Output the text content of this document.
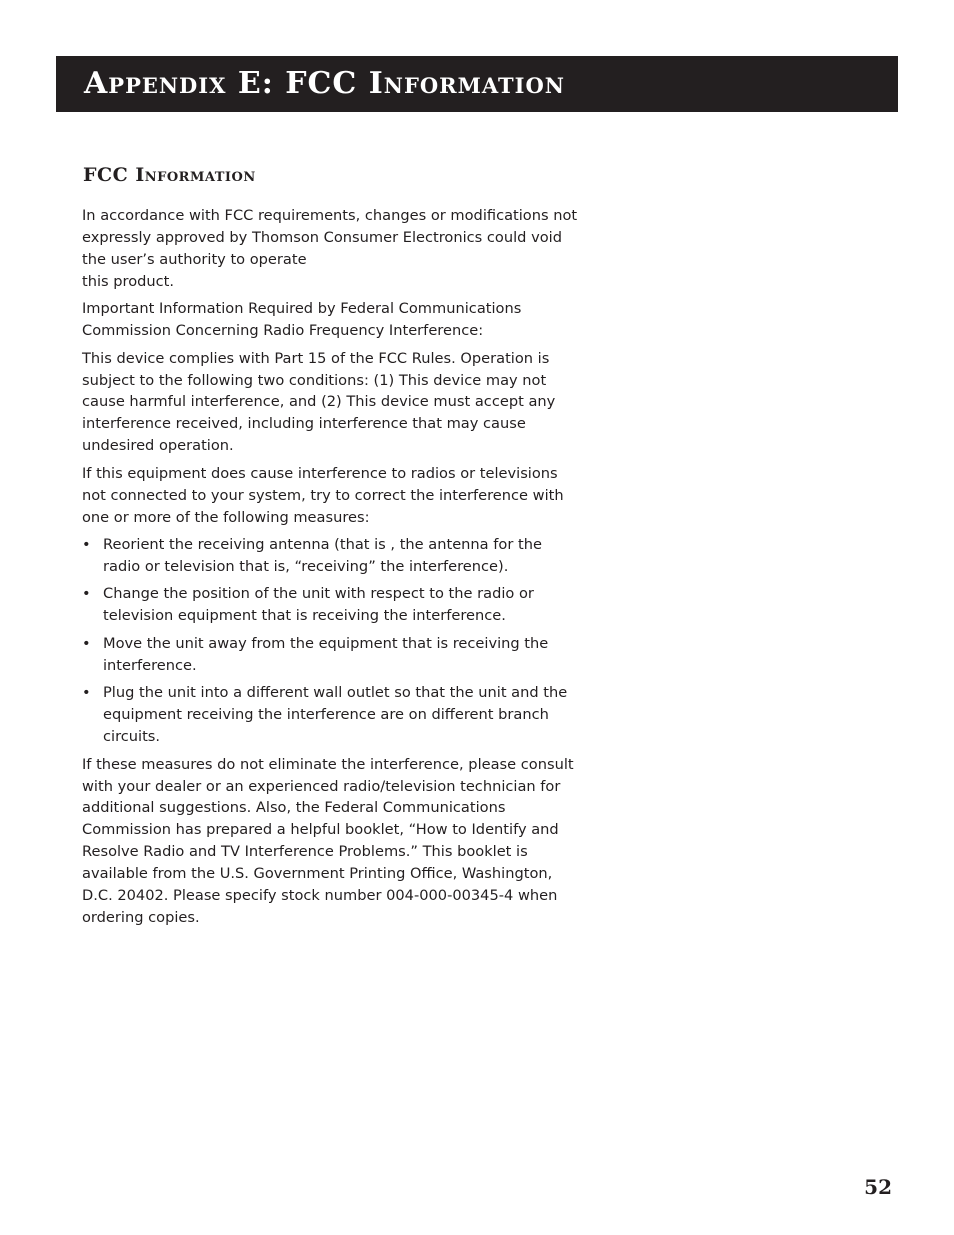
Appendix E: FCC Information
FCC Information

In accordance with FCC requirements, changes or modifications not expressly approved by Thomson Consumer Electronics could void the user’s authority to operate
this product.

Important Information Required by Federal Communications Commission Concerning Radio Frequency Interference:

This device complies with Part 15 of the FCC Rules. Operation is subject to the following two conditions: (1) This device may not cause harmful interference, and (2) This device must accept any interference received, including interference that may cause undesired operation.

If this equipment does cause interference to radios or televisions not connected to your system, try to correct the interference with one or more of the following measures:

• Reorient the receiving antenna (that is , the antenna for the radio or television that is, “receiving” the interference).
• Change the position of the unit with respect to the radio or television equipment that is receiving the interference.
• Move the unit away from the equipment that is receiving the interference.
• Plug the unit into a different wall outlet so that the unit and the equipment receiving the interference are on different branch circuits.

If these measures do not eliminate the interference, please consult with your dealer or an experienced radio/television technician for additional suggestions. Also, the Federal Communications Commission has prepared a helpful booklet, “How to Identify and Resolve Radio and TV Interference Problems.” This booklet is available from the U.S. Government Printing Office, Washington, D.C. 20402. Please specify stock number 004-000-00345-4 when ordering copies.

52
